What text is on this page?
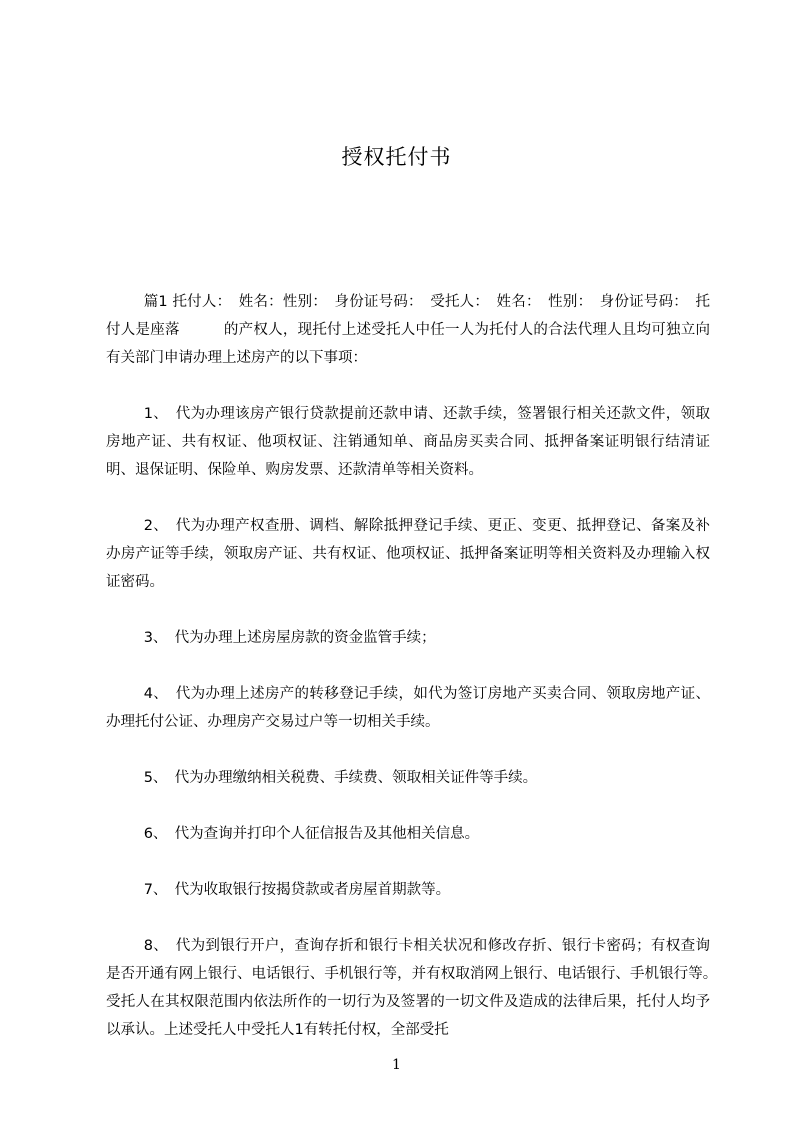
授权托付书

篇1 托付人：　姓名：性别：　身份证号码：　受托人：　姓名：　性别：　身份证号码：　托付人是座落　　　的产权人，现托付上述受托人中任一人为托付人的合法代理人且均可独立向有关部门申请办理上述房产的以下事项：

1、　代为办理该房产银行贷款提前还款申请、还款手续，签署银行相关还款文件，领取房地产证、共有权证、他项权证、注销通知单、商品房买卖合同、抵押备案证明银行结清证明、退保证明、保险单、购房发票、还款清单等相关资料。

2、　代为办理产权查册、调档、解除抵押登记手续、更正、变更、抵押登记、备案及补办房产证等手续，领取房产证、共有权证、他项权证、抵押备案证明等相关资料及办理输入权证密码。

3、　代为办理上述房屋房款的资金监管手续；

4、　代为办理上述房产的转移登记手续，如代为签订房地产买卖合同、领取房地产证、办理托付公证、办理房产交易过户等一切相关手续。

5、　代为办理缴纳相关税费、手续费、领取相关证件等手续。

6、　代为查询并打印个人征信报告及其他相关信息。

7、　代为收取银行按揭贷款或者房屋首期款等。

8、　代为到银行开户，查询存折和银行卡相关状况和修改存折、银行卡密码；有权查询是否开通有网上银行、电话银行、手机银行等，并有权取消网上银行、电话银行、手机银行等。　受托人在其权限范围内依法所作的一切行为及签署的一切文件及造成的法律后果，托付人均予以承认。上述受托人中受托人1有转托付权，全部受托

1
